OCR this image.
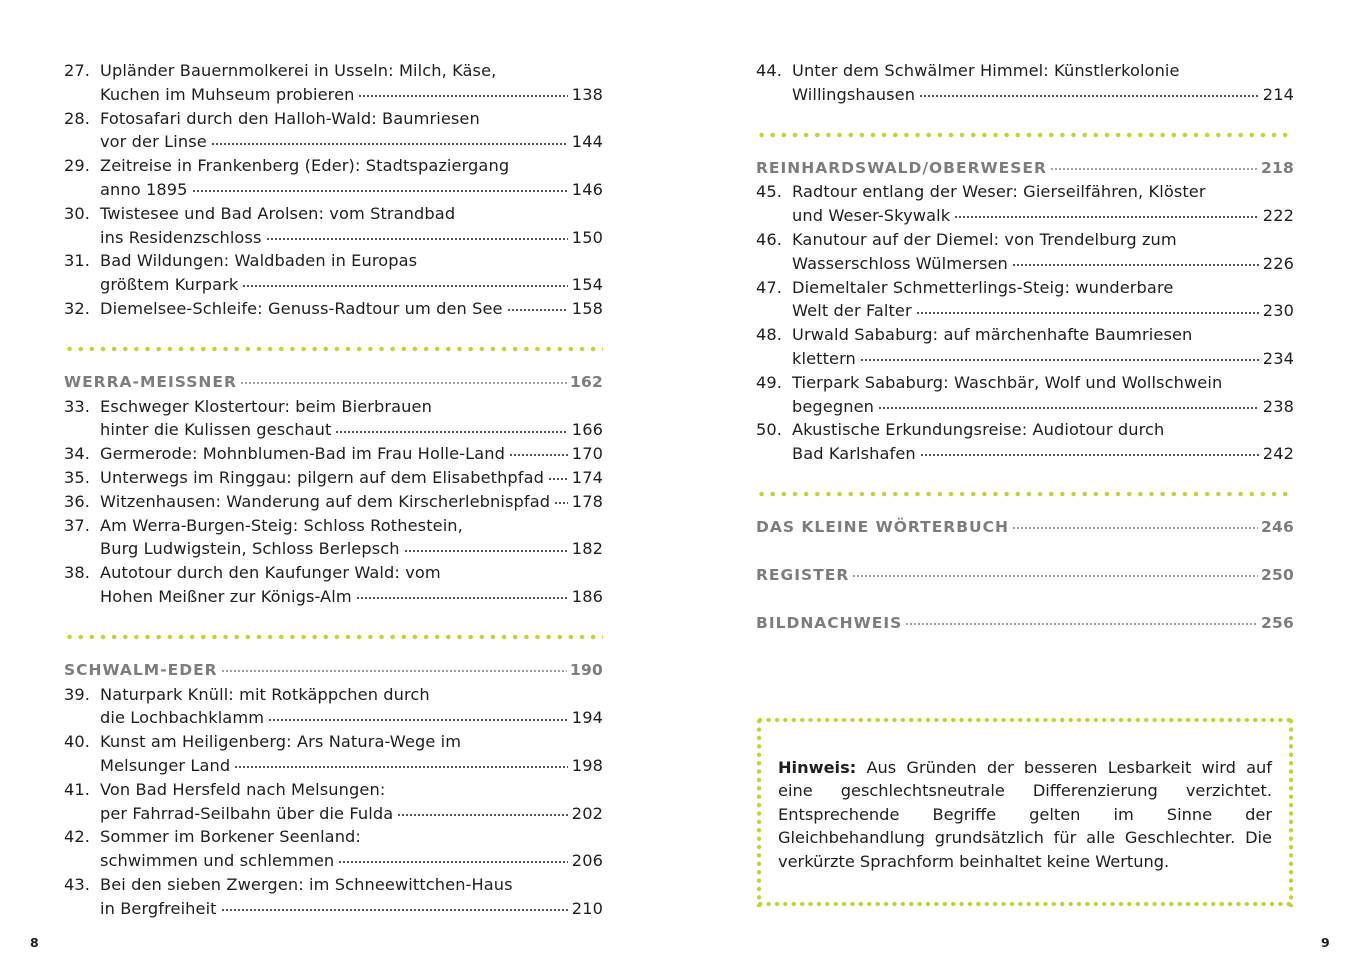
27. Upländer Bauernmolkerei in Usseln: Milch, Käse,
Kuchen im Muhseum probieren	138
28. Fotosafari durch den Halloh-Wald: Baumriesen
vor der Linse	144
29. Zeitreise in Frankenberg (Eder): Stadtspaziergang
anno 1895	146
30. Twistesee und Bad Arolsen: vom Strandbad
ins Residenzschloss	150
31. Bad Wildungen: Waldbaden in Europas
größtem Kurpark	154
32. Diemelsee-Schleife: Genuss-Radtour um den See	158
WERRA-MEISSNER	162
33. Eschweger Klostertour: beim Bierbrauen
hinter die Kulissen geschaut	166
34. Germerode: Mohnblumen-Bad im Frau Holle-Land	170
35. Unterwegs im Ringgau: pilgern auf dem Elisabethpfad 174
36. Witzenhausen: Wanderung auf dem Kirscherlebnispfad 178
37. Am Werra-Burgen-Steig: Schloss Rothestein,
Burg Ludwigstein, Schloss Berlepsch	182
38. Autotour durch den Kaufunger Wald: vom
Hohen Meißner zur Königs-Alm	186
SCHWALM-EDER	190
39. Naturpark Knüll: mit Rotkäppchen durch
die Lochbachklamm	194
40. Kunst am Heiligenberg: Ars Natura-Wege im
Melsunger Land	198
41. Von Bad Hersfeld nach Melsungen:
per Fahrrad-Seilbahn über die Fulda	202
42. Sommer im Borkener Seenland:
schwimmen und schlemmen	206
43. Bei den sieben Zwergen: im Schneewittchen-Haus
in Bergfreiheit	210
44. Unter dem Schwälmer Himmel: Künstlerkolonie
Willingshausen	214
REINHARDSWALD/OBERWESER	218
45. Radtour entlang der Weser: Gierseilfähren, Klöster
und Weser-Skywalk	222
46. Kanutour auf der Diemel: von Trendelburg zum
Wasserschloss Wülmersen	226
47. Diemeltaler Schmetterlings-Steig: wunderbare
Welt der Falter	230
48. Urwald Sababurg: auf märchenhafte Baumriesen
klettern	234
49. Tierpark Sababurg: Waschbär, Wolf und Wollschwein
begegnen	238
50. Akustische Erkundungsreise: Audiotour durch
Bad Karlshafen	242
DAS KLEINE WÖRTERBUCH	246
REGISTER	250
BILDNACHWEIS	256
Hinweis: Aus Gründen der besseren Lesbarkeit wird auf eine geschlechtsneutrale Differenzierung verzichtet. Entsprechende Begriffe gelten im Sinne der Gleichbehandlung grundsätzlich für alle Geschlechter. Die verkürzte Sprachform beinhaltet keine Wertung.
8	9
